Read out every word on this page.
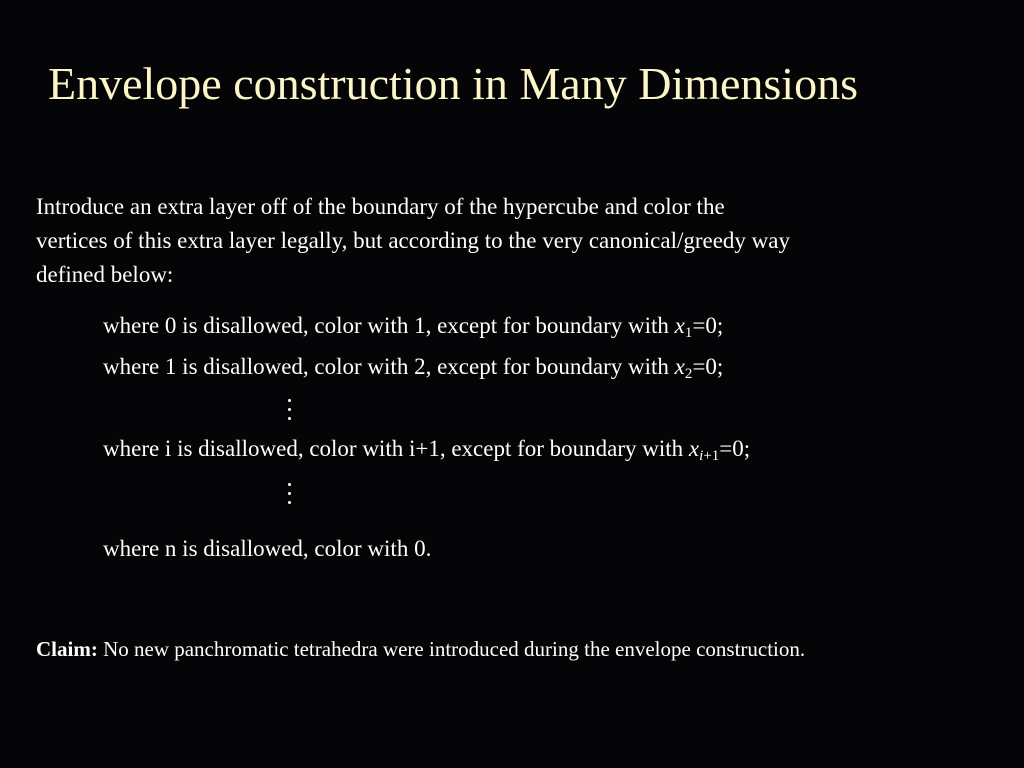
Envelope construction in Many Dimensions
Introduce an extra layer off of the boundary of the hypercube and color the
vertices of this extra layer legally, but according to the very canonical/greedy way
defined below:
where 0 is disallowed, color with 1, except for boundary with $x_1=0$;
where 1 is disallowed, color with 2, except for boundary with $x_2=0$;
where i is disallowed, color with i+1, except for boundary with $x_{i+1}=0$;
where n is disallowed, color with 0.
Claim: No new panchromatic tetrahedra were introduced during the envelope construction.
